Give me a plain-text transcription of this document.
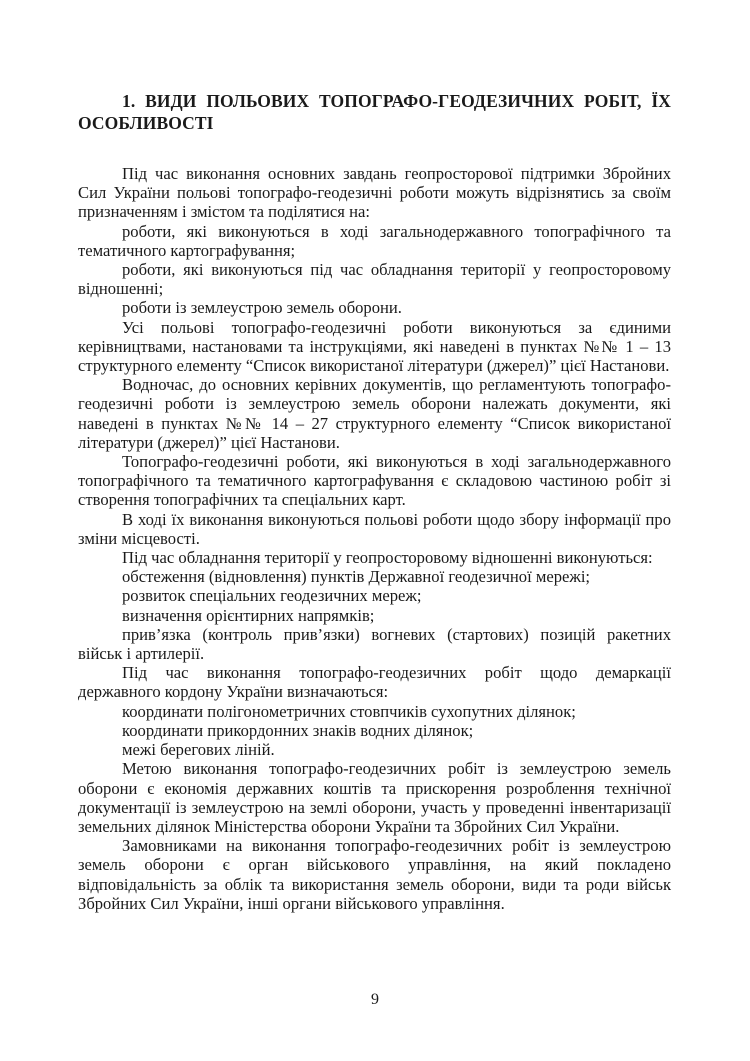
1. ВИДИ ПОЛЬОВИХ ТОПОГРАФО-ГЕОДЕЗИЧНИХ РОБІТ, ЇХ ОСОБЛИВОСТІ

Під час виконання основних завдань геопросторової підтримки Збройних Сил України польові топографо-геодезичні роботи можуть відрізнятись за своїм призначенням і змістом та поділятися на:

роботи, які виконуються в ході загальнодержавного топографічного та тематичного картографування;

роботи, які виконуються під час обладнання території у геопросторовому відношенні;

роботи із землеустрою земель оборони.

Усі польові топографо-геодезичні роботи виконуються за єдиними керівництвами, настановами та інструкціями, які наведені в пунктах №№ 1 – 13 структурного елементу “Список використаної літератури (джерел)” цієї Настанови.

Водночас, до основних керівних документів, що регламентують топографо-геодезичні роботи із землеустрою земель оборони належать документи, які наведені в пунктах №№ 14 – 27 структурного елементу “Список використаної літератури (джерел)” цієї Настанови.

Топографо-геодезичні роботи, які виконуються в ході загальнодержавного топографічного та тематичного картографування є складовою частиною робіт зі створення топографічних та спеціальних карт.

В ході їх виконання виконуються польові роботи щодо збору інформації про зміни місцевості.

Під час обладнання території у геопросторовому відношенні виконуються:

обстеження (відновлення) пунктів Державної геодезичної мережі;

розвиток спеціальних геодезичних мереж;

визначення орієнтирних напрямків;

прив’язка (контроль прив’язки) вогневих (стартових) позицій ракетних військ і артилерії.

Під час виконання топографо-геодезичних робіт щодо демаркації державного кордону України визначаються:

координати полігонометричних стовпчиків сухопутних ділянок;

координати прикордонних знаків водних ділянок;

межі берегових ліній.

Метою виконання топографо-геодезичних робіт із землеустрою земель оборони є економія державних коштів та прискорення розроблення технічної документації із землеустрою на землі оборони, участь у проведенні інвентаризації земельних ділянок Міністерства оборони України та Збройних Сил України.

Замовниками на виконання топографо-геодезичних робіт із землеустрою земель оборони є орган військового управління, на який покладено відповідальність за облік та використання земель оборони, види та роди військ Збройних Сил України, інші органи військового управління.

9
